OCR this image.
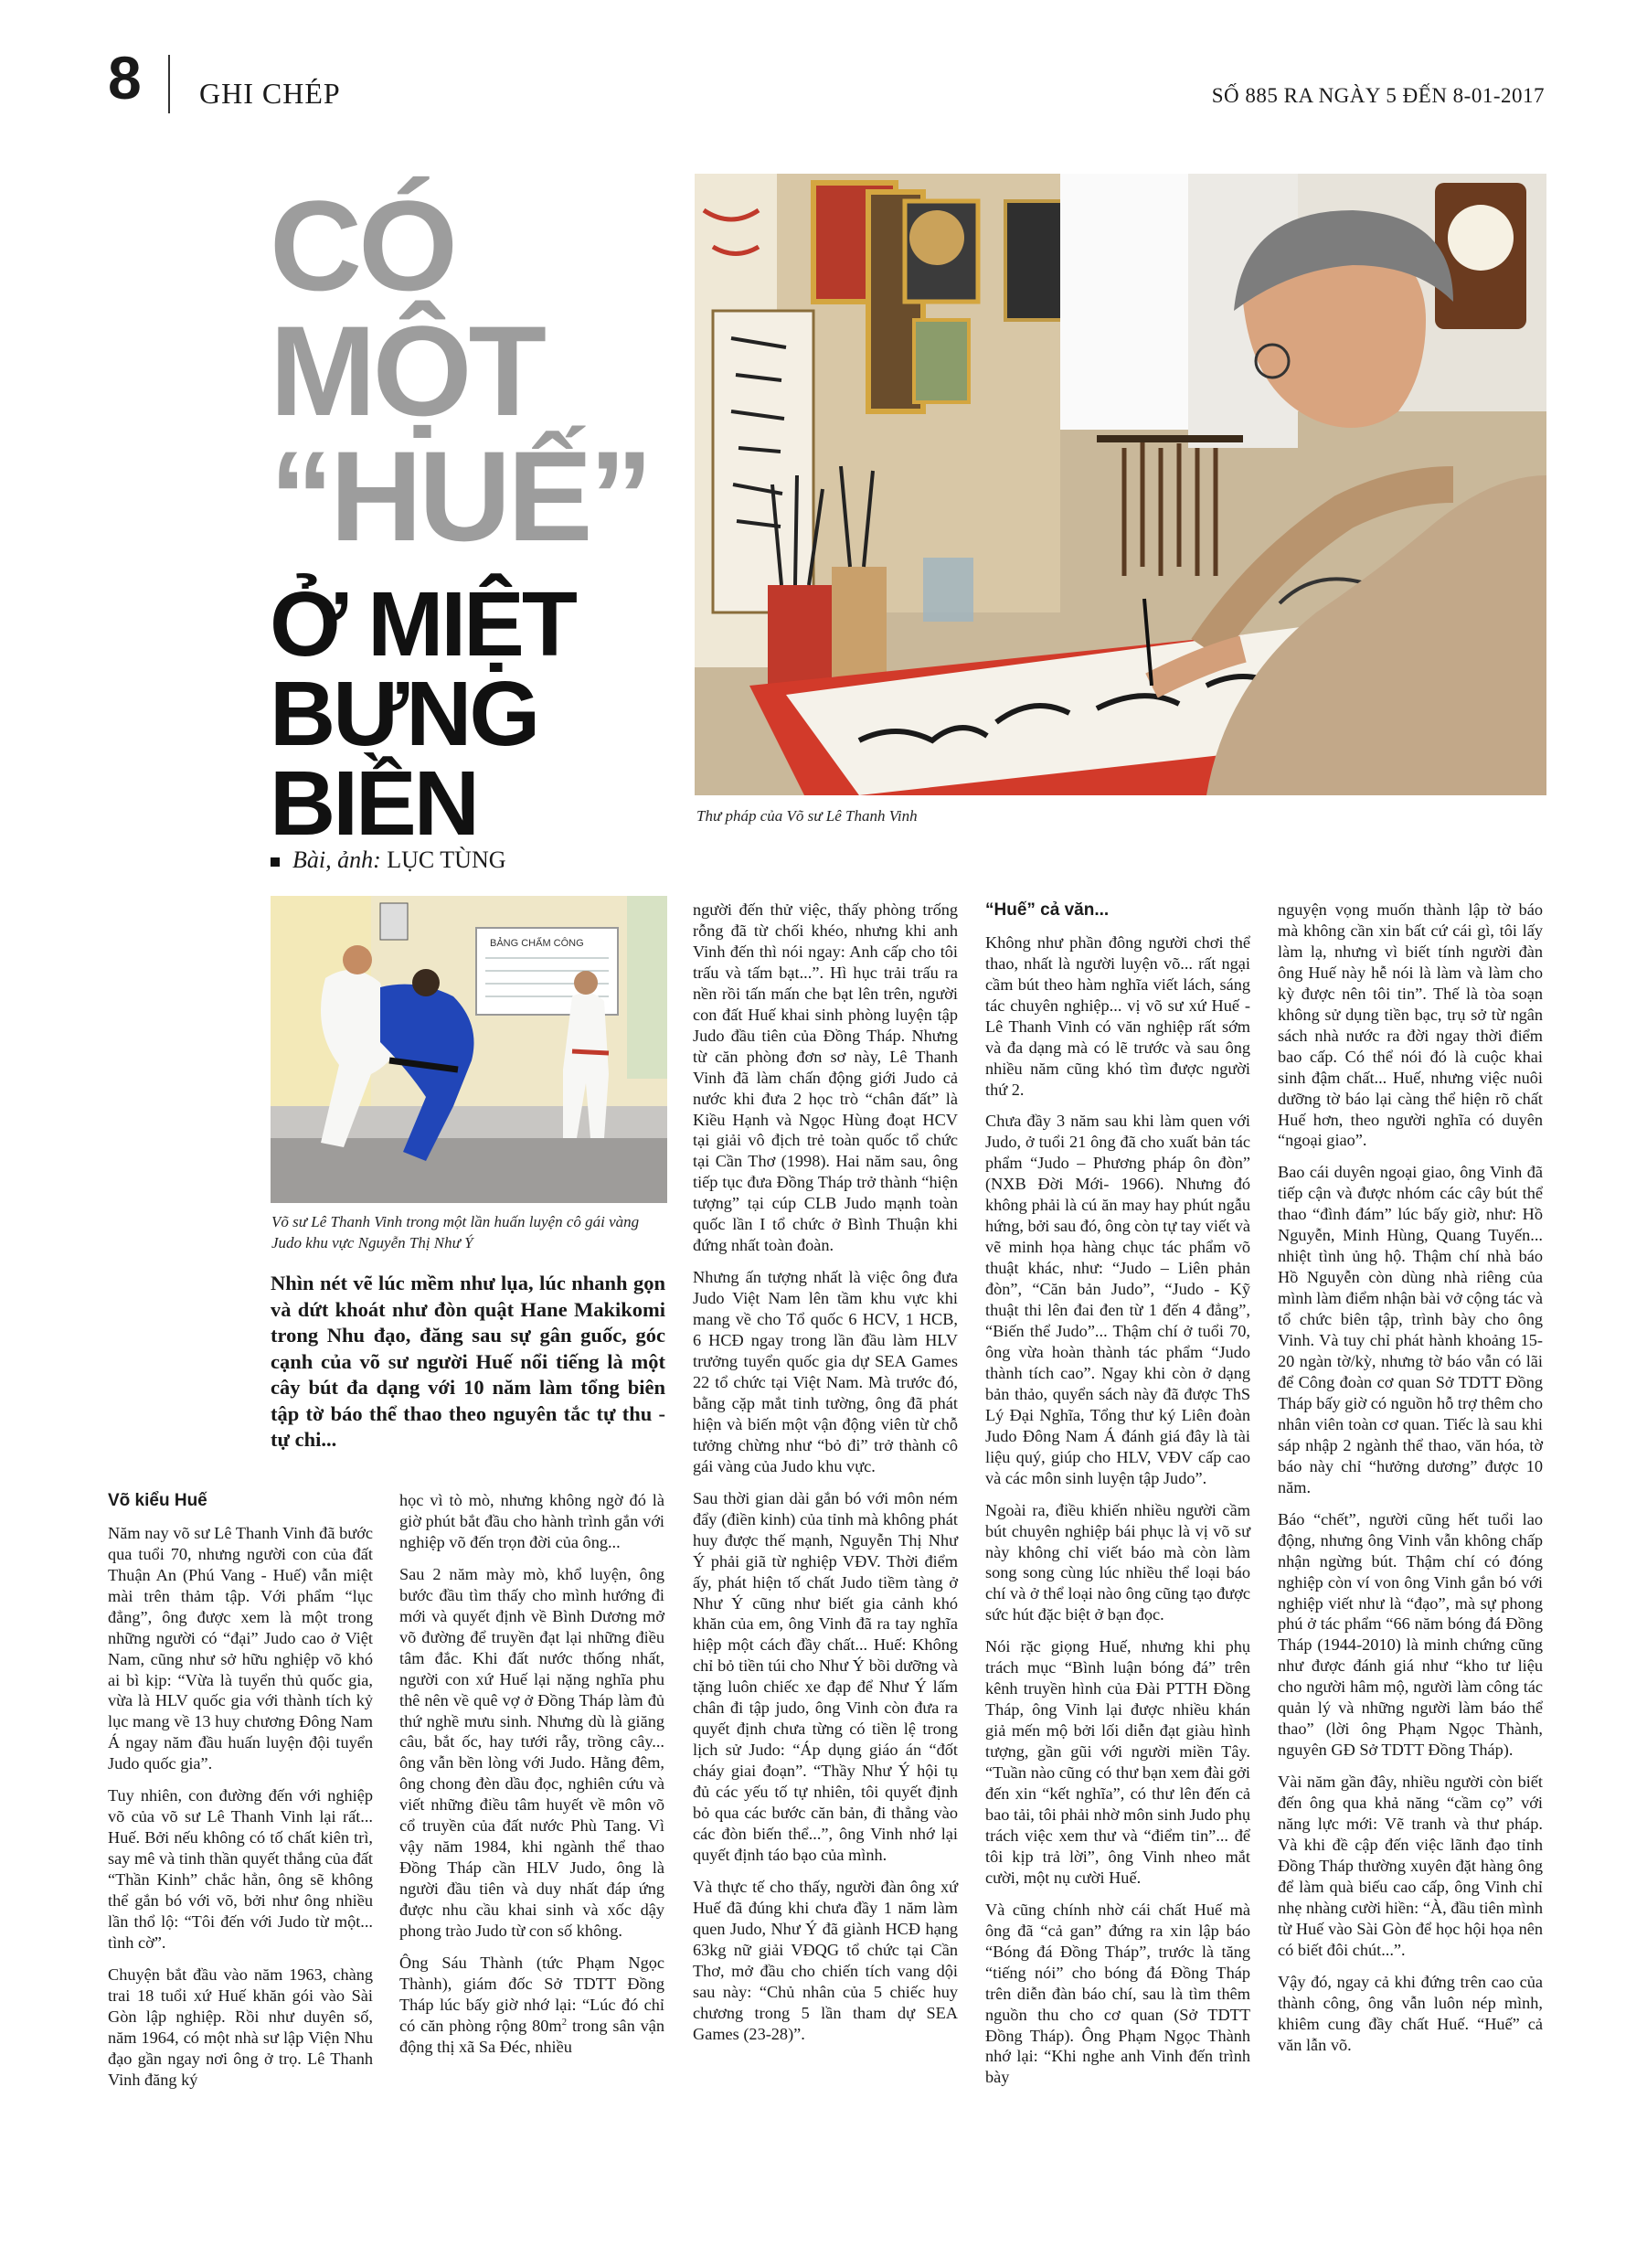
8 GHI CHÉP	SỐ 885 RA NGÀY 5 ĐẾN 8-01-2017
CÓ
MỘT
“HUẾ”
Ở MIỆT
BƯNG BIỀN
Bài, ảnh: LỤC TÙNG
Thư pháp của Võ sư Lê Thanh Vinh
BẢNG CHẤM CÔNG
Võ sư Lê Thanh Vinh trong một lần huấn luyện cô gái vàng Judo khu vực Nguyễn Thị Như Ý
Nhìn nét vẽ lúc mềm như lụa, lúc nhanh gọn và dứt khoát như đòn quật Hane Makikomi trong Nhu đạo, đăng sau sự gân guốc, góc cạnh của võ sư người Huế nổi tiếng là một cây bút đa dạng với 10 năm làm tổng biên tập tờ báo thể thao theo nguyên tắc tự thu - tự chi...
Võ kiểu Huế

Năm nay võ sư Lê Thanh Vinh đã bước qua tuổi 70, nhưng người con của đất Thuận An (Phú Vang - Huế) vẫn miệt mài trên thảm tập. Với phẩm “lục đẳng”, ông được xem là một trong những người có “đại” Judo cao ở Việt Nam, cũng như sở hữu nghiệp võ khó ai bì kịp: “Vừa là tuyển thủ quốc gia, vừa là HLV quốc gia với thành tích kỷ lục mang về 13 huy chương Đông Nam Á ngay năm đầu huấn luyện đội tuyển Judo quốc gia”.

Tuy nhiên, con đường đến với nghiệp võ của võ sư Lê Thanh Vinh lại rất... Huế. Bởi nếu không có tố chất kiên trì, say mê và tinh thần quyết thắng của đất “Thần Kinh” chắc hẳn, ông sẽ không thể gắn bó với võ, bởi như ông nhiều lần thổ lộ: “Tôi đến với Judo từ một... tình cờ”.

Chuyện bắt đầu vào năm 1963, chàng trai 18 tuổi xứ Huế khăn gói vào Sài Gòn lập nghiệp. Rồi như duyên số, năm 1964, có một nhà sư lập Viện Nhu đạo gần ngay nơi ông ở trọ. Lê Thanh Vinh đăng ký

học vì tò mò, nhưng không ngờ đó là giờ phút bắt đầu cho hành trình gắn với nghiệp võ đến trọn đời của ông...

Sau 2 năm mày mò, khổ luyện, ông bước đầu tìm thấy cho mình hướng đi mới và quyết định về Bình Dương mở võ đường để truyền đạt lại những điều tâm đắc. Khi đất nước thống nhất, người con xứ Huế lại nặng nghĩa phu thê nên về quê vợ ở Đồng Tháp làm đủ thứ nghề mưu sinh. Nhưng dù là giăng câu, bắt ốc, hay tưới rẫy, trồng cây... ông vẫn bền lòng với Judo. Hằng đêm, ông chong đèn dầu đọc, nghiên cứu và viết những điều tâm huyết về môn võ cổ truyền của đất nước Phù Tang. Vì vậy năm 1984, khi ngành thể thao Đồng Tháp cần HLV Judo, ông là người đầu tiên và duy nhất đáp ứng được nhu cầu khai sinh và xốc dậy phong trào Judo từ con số không.

Ông Sáu Thành (tức Phạm Ngọc Thành), giám đốc Sở TDTT Đồng Tháp lúc bấy giờ nhớ lại: “Lúc đó chỉ có căn phòng rộng $80m^2$ trong sân vận động thị xã Sa Đéc, nhiều

người đến thử việc, thấy phòng trống rỗng đã từ chối khéo, nhưng khi anh Vinh đến thì nói ngay: Anh cấp cho tôi trấu và tấm bạt...”. Hì hục trải trấu ra nền rồi tấn mấn che bạt lên trên, người con đất Huế khai sinh phòng luyện tập Judo đầu tiên của Đồng Tháp. Nhưng từ căn phòng đơn sơ này, Lê Thanh Vinh đã làm chấn động giới Judo cả nước khi đưa 2 học trò “chân đất” là Kiều Hạnh và Ngọc Hùng đoạt HCV tại giải vô địch trẻ toàn quốc tổ chức tại Cần Thơ (1998). Hai năm sau, ông tiếp tục đưa Đồng Tháp trở thành “hiện tượng” tại cúp CLB Judo mạnh toàn quốc lần I tổ chức ở Bình Thuận khi đứng nhất toàn đoàn.

Nhưng ấn tượng nhất là việc ông đưa Judo Việt Nam lên tầm khu vực khi mang về cho Tổ quốc 6 HCV, 1 HCB, 6 HCĐ ngay trong lần đầu làm HLV trưởng tuyển quốc gia dự SEA Games 22 tổ chức tại Việt Nam. Mà trước đó, bằng cặp mắt tinh tường, ông đã phát hiện và biến một vận động viên từ chỗ tưởng chừng như “bỏ đi” trở thành cô gái vàng của Judo khu vực.

Sau thời gian dài gắn bó với môn ném đẩy (điền kinh) của tỉnh mà không phát huy được thế mạnh, Nguyễn Thị Như Ý phải giã từ nghiệp VĐV. Thời điểm ấy, phát hiện tố chất Judo tiềm tàng ở Như Ý cũng như biết gia cảnh khó khăn của em, ông Vinh đã ra tay nghĩa hiệp một cách đầy chất... Huế: Không chỉ bỏ tiền túi cho Như Ý bồi dưỡng và tặng luôn chiếc xe đạp để Như Ý lấm chân đi tập judo, ông Vinh còn đưa ra quyết định chưa từng có tiền lệ trong lịch sử Judo: “Áp dụng giáo án “đốt cháy giai đoạn”. “Thầy Như Ý hội tụ đủ các yếu tố tự nhiên, tôi quyết định bỏ qua các bước căn bản, đi thẳng vào các đòn biến thể...”, ông Vinh nhớ lại quyết định táo bạo của mình.

Và thực tế cho thấy, người đàn ông xứ Huế đã đúng khi chưa đầy 1 năm làm quen Judo, Như Ý đã giành HCĐ hạng 63kg nữ giải VĐQG tổ chức tại Cần Thơ, mở đầu cho chiến tích vang dội sau này: “Chủ nhân của 5 chiếc huy chương trong 5 lần tham dự SEA Games (23-28)”.

“Huế” cả văn...

Không như phần đông người chơi thể thao, nhất là người luyện võ... rất ngại cầm bút theo hàm nghĩa viết lách, sáng tác chuyên nghiệp... vị võ sư xứ Huế - Lê Thanh Vinh có văn nghiệp rất sớm và đa dạng mà có lẽ trước và sau ông nhiều năm cũng khó tìm được người thứ 2.

Chưa đầy 3 năm sau khi làm quen với Judo, ở tuổi 21 ông đã cho xuất bản tác phẩm “Judo – Phương pháp ôn đòn” (NXB Đời Mới- 1966). Nhưng đó không phải là cú ăn may hay phút ngẫu hứng, bởi sau đó, ông còn tự tay viết và vẽ minh họa hàng chục tác phẩm võ thuật khác, như: “Judo – Liên phản đòn”, “Căn bản Judo”, “Judo - Kỹ thuật thi lên đai đen từ 1 đến 4 đẳng”, “Biến thể Judo”... Thậm chí ở tuổi 70, ông vừa hoàn thành tác phẩm “Judo thành tích cao”. Ngay khi còn ở dạng bản thảo, quyển sách này đã được ThS Lý Đại Nghĩa, Tổng thư ký Liên đoàn Judo Đông Nam Á đánh giá đây là tài liệu quý, giúp cho HLV, VĐV cấp cao và các môn sinh luyện tập Judo”.

Ngoài ra, điều khiến nhiều người cầm bút chuyên nghiệp bái phục là vị võ sư này không chỉ viết báo mà còn làm song song cùng lúc nhiều thể loại báo chí và ở thể loại nào ông cũng tạo được sức hút đặc biệt ở bạn đọc.

Nói rặc giọng Huế, nhưng khi phụ trách mục “Bình luận bóng đá” trên kênh truyền hình của Đài PTTH Đồng Tháp, ông Vinh lại được nhiều khán giả mến mộ bởi lối diễn đạt giàu hình tượng, gần gũi với người miền Tây. “Tuần nào cũng có thư bạn xem đài gởi đến xin “kết nghĩa”, có thư lên đến cả bao tải, tôi phải nhờ môn sinh Judo phụ trách việc xem thư và “điểm tin”... để tôi kịp trả lời”, ông Vinh nheo mắt cười, một nụ cười Huế.

Và cũng chính nhờ cái chất Huế mà ông đã “cả gan” đứng ra xin lập báo “Bóng đá Đồng Tháp”, trước là tăng “tiếng nói” cho bóng đá Đồng Tháp trên diễn đàn báo chí, sau là tìm thêm nguồn thu cho cơ quan (Sở TDTT Đồng Tháp). Ông Phạm Ngọc Thành nhớ lại: “Khi nghe anh Vinh đến trình bày

nguyện vọng muốn thành lập tờ báo mà không cần xin bất cứ cái gì, tôi lấy làm lạ, nhưng vì biết tính người đàn ông Huế này hễ nói là làm và làm cho kỳ được nên tôi tin”. Thế là tòa soạn không sử dụng tiền bạc, trụ sở từ ngân sách nhà nước ra đời ngay thời điểm bao cấp. Có thể nói đó là cuộc khai sinh đậm chất... Huế, nhưng việc nuôi dưỡng tờ báo lại càng thể hiện rõ chất Huế hơn, theo người nghĩa có duyên “ngoại giao”.

Bao cái duyên ngoại giao, ông Vinh đã tiếp cận và được nhóm các cây bút thể thao “đình đám” lúc bấy giờ, như: Hồ Nguyễn, Minh Hùng, Quang Tuyến... nhiệt tình ủng hộ. Thậm chí nhà báo Hồ Nguyễn còn dùng nhà riêng của mình làm điểm nhận bài vở cộng tác và tổ chức biên tập, trình bày cho ông Vinh. Và tuy chỉ phát hành khoảng 15-20 ngàn tờ/kỳ, nhưng tờ báo vẫn có lãi để Công đoàn cơ quan Sở TDTT Đồng Tháp bấy giờ có nguồn hỗ trợ thêm cho nhân viên toàn cơ quan. Tiếc là sau khi sáp nhập 2 ngành thể thao, văn hóa, tờ báo này chỉ “hưởng dương” được 10 năm.

Báo “chết”, người cũng hết tuổi lao động, nhưng ông Vinh vẫn không chấp nhận ngừng bút. Thậm chí có đóng nghiệp còn ví von ông Vinh gắn bó với nghiệp viết như là “đạo”, mà sự phong phú ở tác phẩm “66 năm bóng đá Đồng Tháp (1944-2010) là minh chứng cũng như được đánh giá như “kho tư liệu cho người hâm mộ, người làm công tác quản lý và những người làm báo thể thao” (lời ông Phạm Ngọc Thành, nguyên GĐ Sở TDTT Đồng Tháp).

Vài năm gần đây, nhiều người còn biết đến ông qua khả năng “cầm cọ” với năng lực mới: Vẽ tranh và thư pháp. Và khi đề cập đến việc lãnh đạo tỉnh Đồng Tháp thường xuyên đặt hàng ông để làm quà biếu cao cấp, ông Vinh chỉ nhẹ nhàng cười hiền: “À, đầu tiên mình từ Huế vào Sài Gòn để học hội họa nên có biết đôi chút...”.

Vậy đó, ngay cả khi đứng trên cao của thành công, ông vẫn luôn nép mình, khiêm cung đầy chất Huế. “Huế” cả văn lẫn võ.
